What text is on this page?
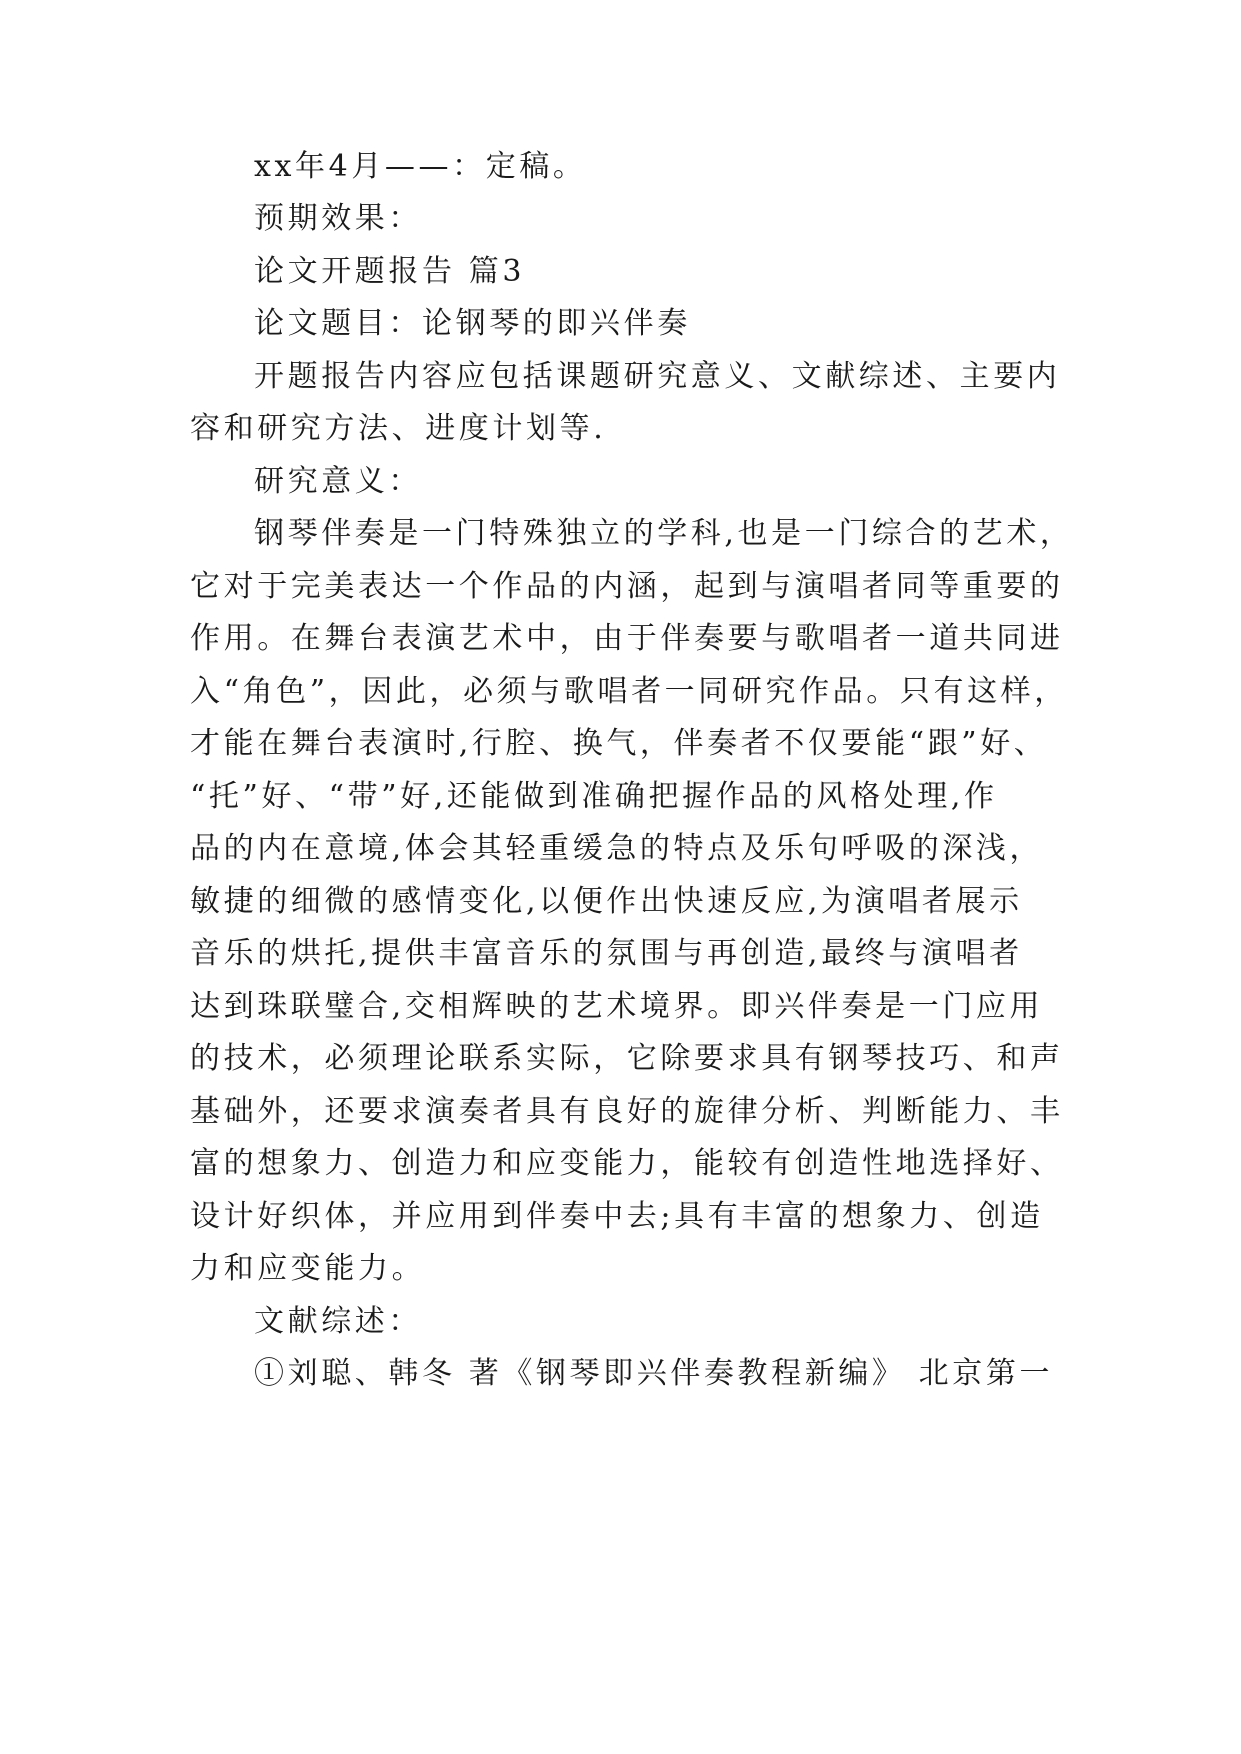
xx年4月——：定稿。
预期效果：
论文开题报告 篇3
论文题目：论钢琴的即兴伴奏
开题报告内容应包括课题研究意义、文献综述、主要内
容和研究方法、进度计划等.
研究意义：
钢琴伴奏是一门特殊独立的学科,也是一门综合的艺术，
它对于完美表达一个作品的内涵，起到与演唱者同等重要的
作用。在舞台表演艺术中，由于伴奏要与歌唱者一道共同进
入“角色”，因此，必须与歌唱者一同研究作品。只有这样，
才能在舞台表演时,行腔、换气，伴奏者不仅要能“跟”好、
“托”好、“带”好,还能做到准确把握作品的风格处理,作
品的内在意境,体会其轻重缓急的特点及乐句呼吸的深浅，
敏捷的细微的感情变化,以便作出快速反应,为演唱者展示
音乐的烘托,提供丰富音乐的氛围与再创造,最终与演唱者
达到珠联璧合,交相辉映的艺术境界。即兴伴奏是一门应用
的技术，必须理论联系实际，它除要求具有钢琴技巧、和声
基础外，还要求演奏者具有良好的旋律分析、判断能力、丰
富的想象力、创造力和应变能力，能较有创造性地选择好、
设计好织体，并应用到伴奏中去;具有丰富的想象力、创造
力和应变能力。
文献综述：
①刘聪、韩冬 著《钢琴即兴伴奏教程新编》 北京第一
